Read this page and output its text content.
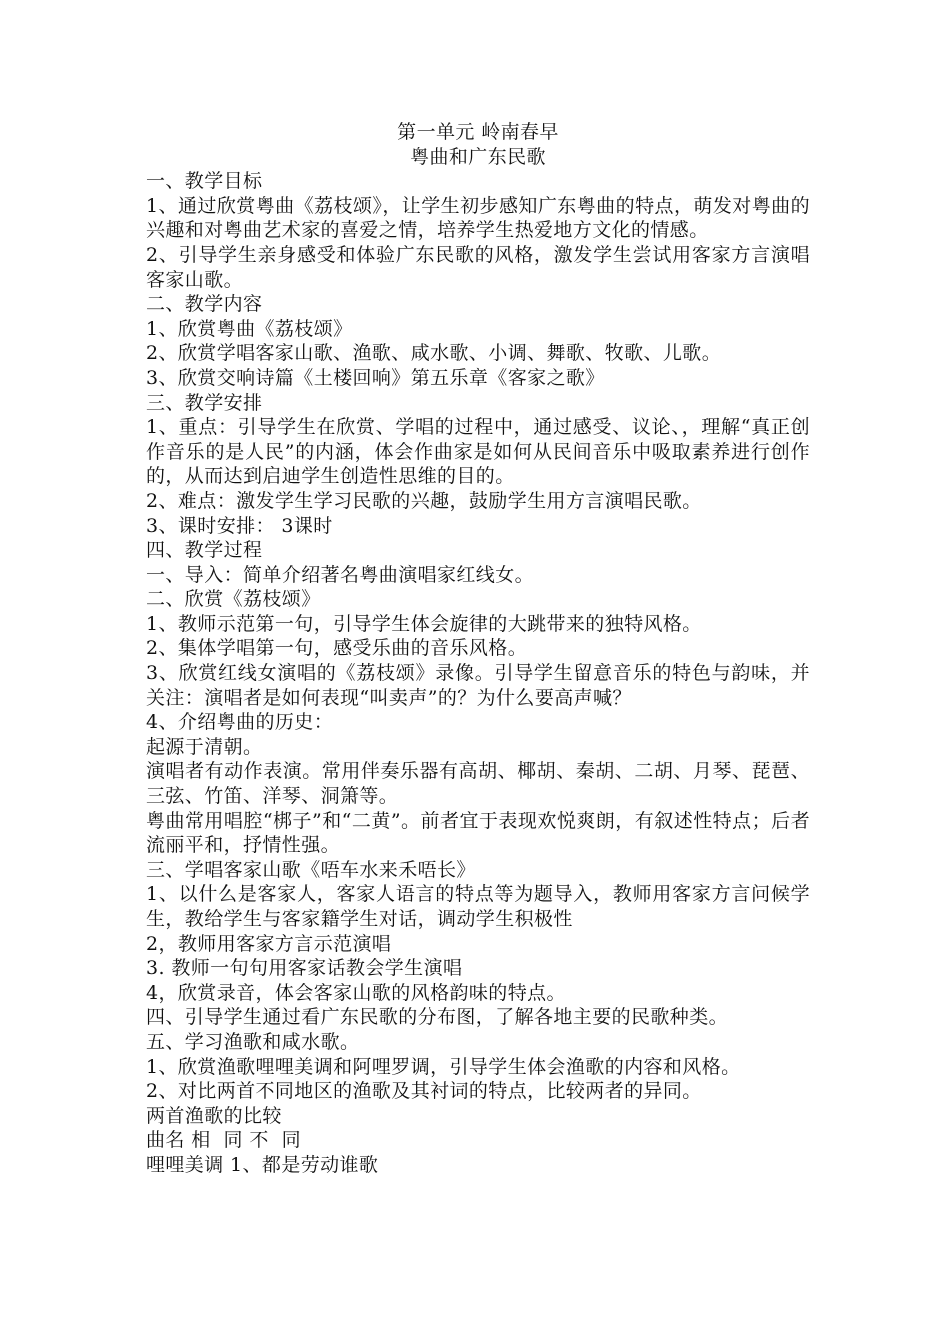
第一单元 岭南春早
粤曲和广东民歌

一、教学目标

1、通过欣赏粤曲《荔枝颂》，让学生初步感知广东粤曲的特点，萌发对粤曲的兴趣和对粤曲艺术家的喜爱之情，培养学生热爱地方文化的情感。

2、引导学生亲身感受和体验广东民歌的风格，激发学生尝试用客家方言演唱客家山歌。

二、教学内容

1、欣赏粤曲《荔枝颂》

2、欣赏学唱客家山歌、渔歌、咸水歌、小调、舞歌、牧歌、儿歌。

3、欣赏交响诗篇《土楼回响》第五乐章《客家之歌》

三、教学安排

1、重点：引导学生在欣赏、学唱的过程中，通过感受、议论、，理解“真正创作音乐的是人民”的内涵，体会作曲家是如何从民间音乐中吸取素养进行创作的，从而达到启迪学生创造性思维的目的。

2、难点：激发学生学习民歌的兴趣，鼓励学生用方言演唱民歌。

3、课时安排： 3课时

四、教学过程

一、导入：简单介绍著名粤曲演唱家红线女。

二、欣赏《荔枝颂》

1、教师示范第一句，引导学生体会旋律的大跳带来的独特风格。

2、集体学唱第一句，感受乐曲的音乐风格。

3、欣赏红线女演唱的《荔枝颂》录像。引导学生留意音乐的特色与韵味，并关注：演唱者是如何表现“叫卖声”的？为什么要高声喊？

4、介绍粤曲的历史：

起源于清朝。

演唱者有动作表演。常用伴奏乐器有高胡、椰胡、秦胡、二胡、月琴、琵琶、三弦、竹笛、洋琴、洞箫等。

粤曲常用唱腔“梆子”和“二黄”。前者宜于表现欢悦爽朗，有叙述性特点；后者流丽平和，抒情性强。

三、学唱客家山歌《唔车水来禾唔长》

1、以什么是客家人，客家人语言的特点等为题导入，教师用客家方言问候学生，教给学生与客家籍学生对话，调动学生积极性

2，教师用客家方言示范演唱

3. 教师一句句用客家话教会学生演唱

4，欣赏录音，体会客家山歌的风格韵味的特点。

四、引导学生通过看广东民歌的分布图，了解各地主要的民歌种类。

五、学习渔歌和咸水歌。

1、欣赏渔歌哩哩美调和阿哩罗调，引导学生体会渔歌的内容和风格。

2、对比两首不同地区的渔歌及其衬词的特点，比较两者的异同。

两首渔歌的比较

曲名 相  同 不  同

哩哩美调 1、都是劳动谁歌
